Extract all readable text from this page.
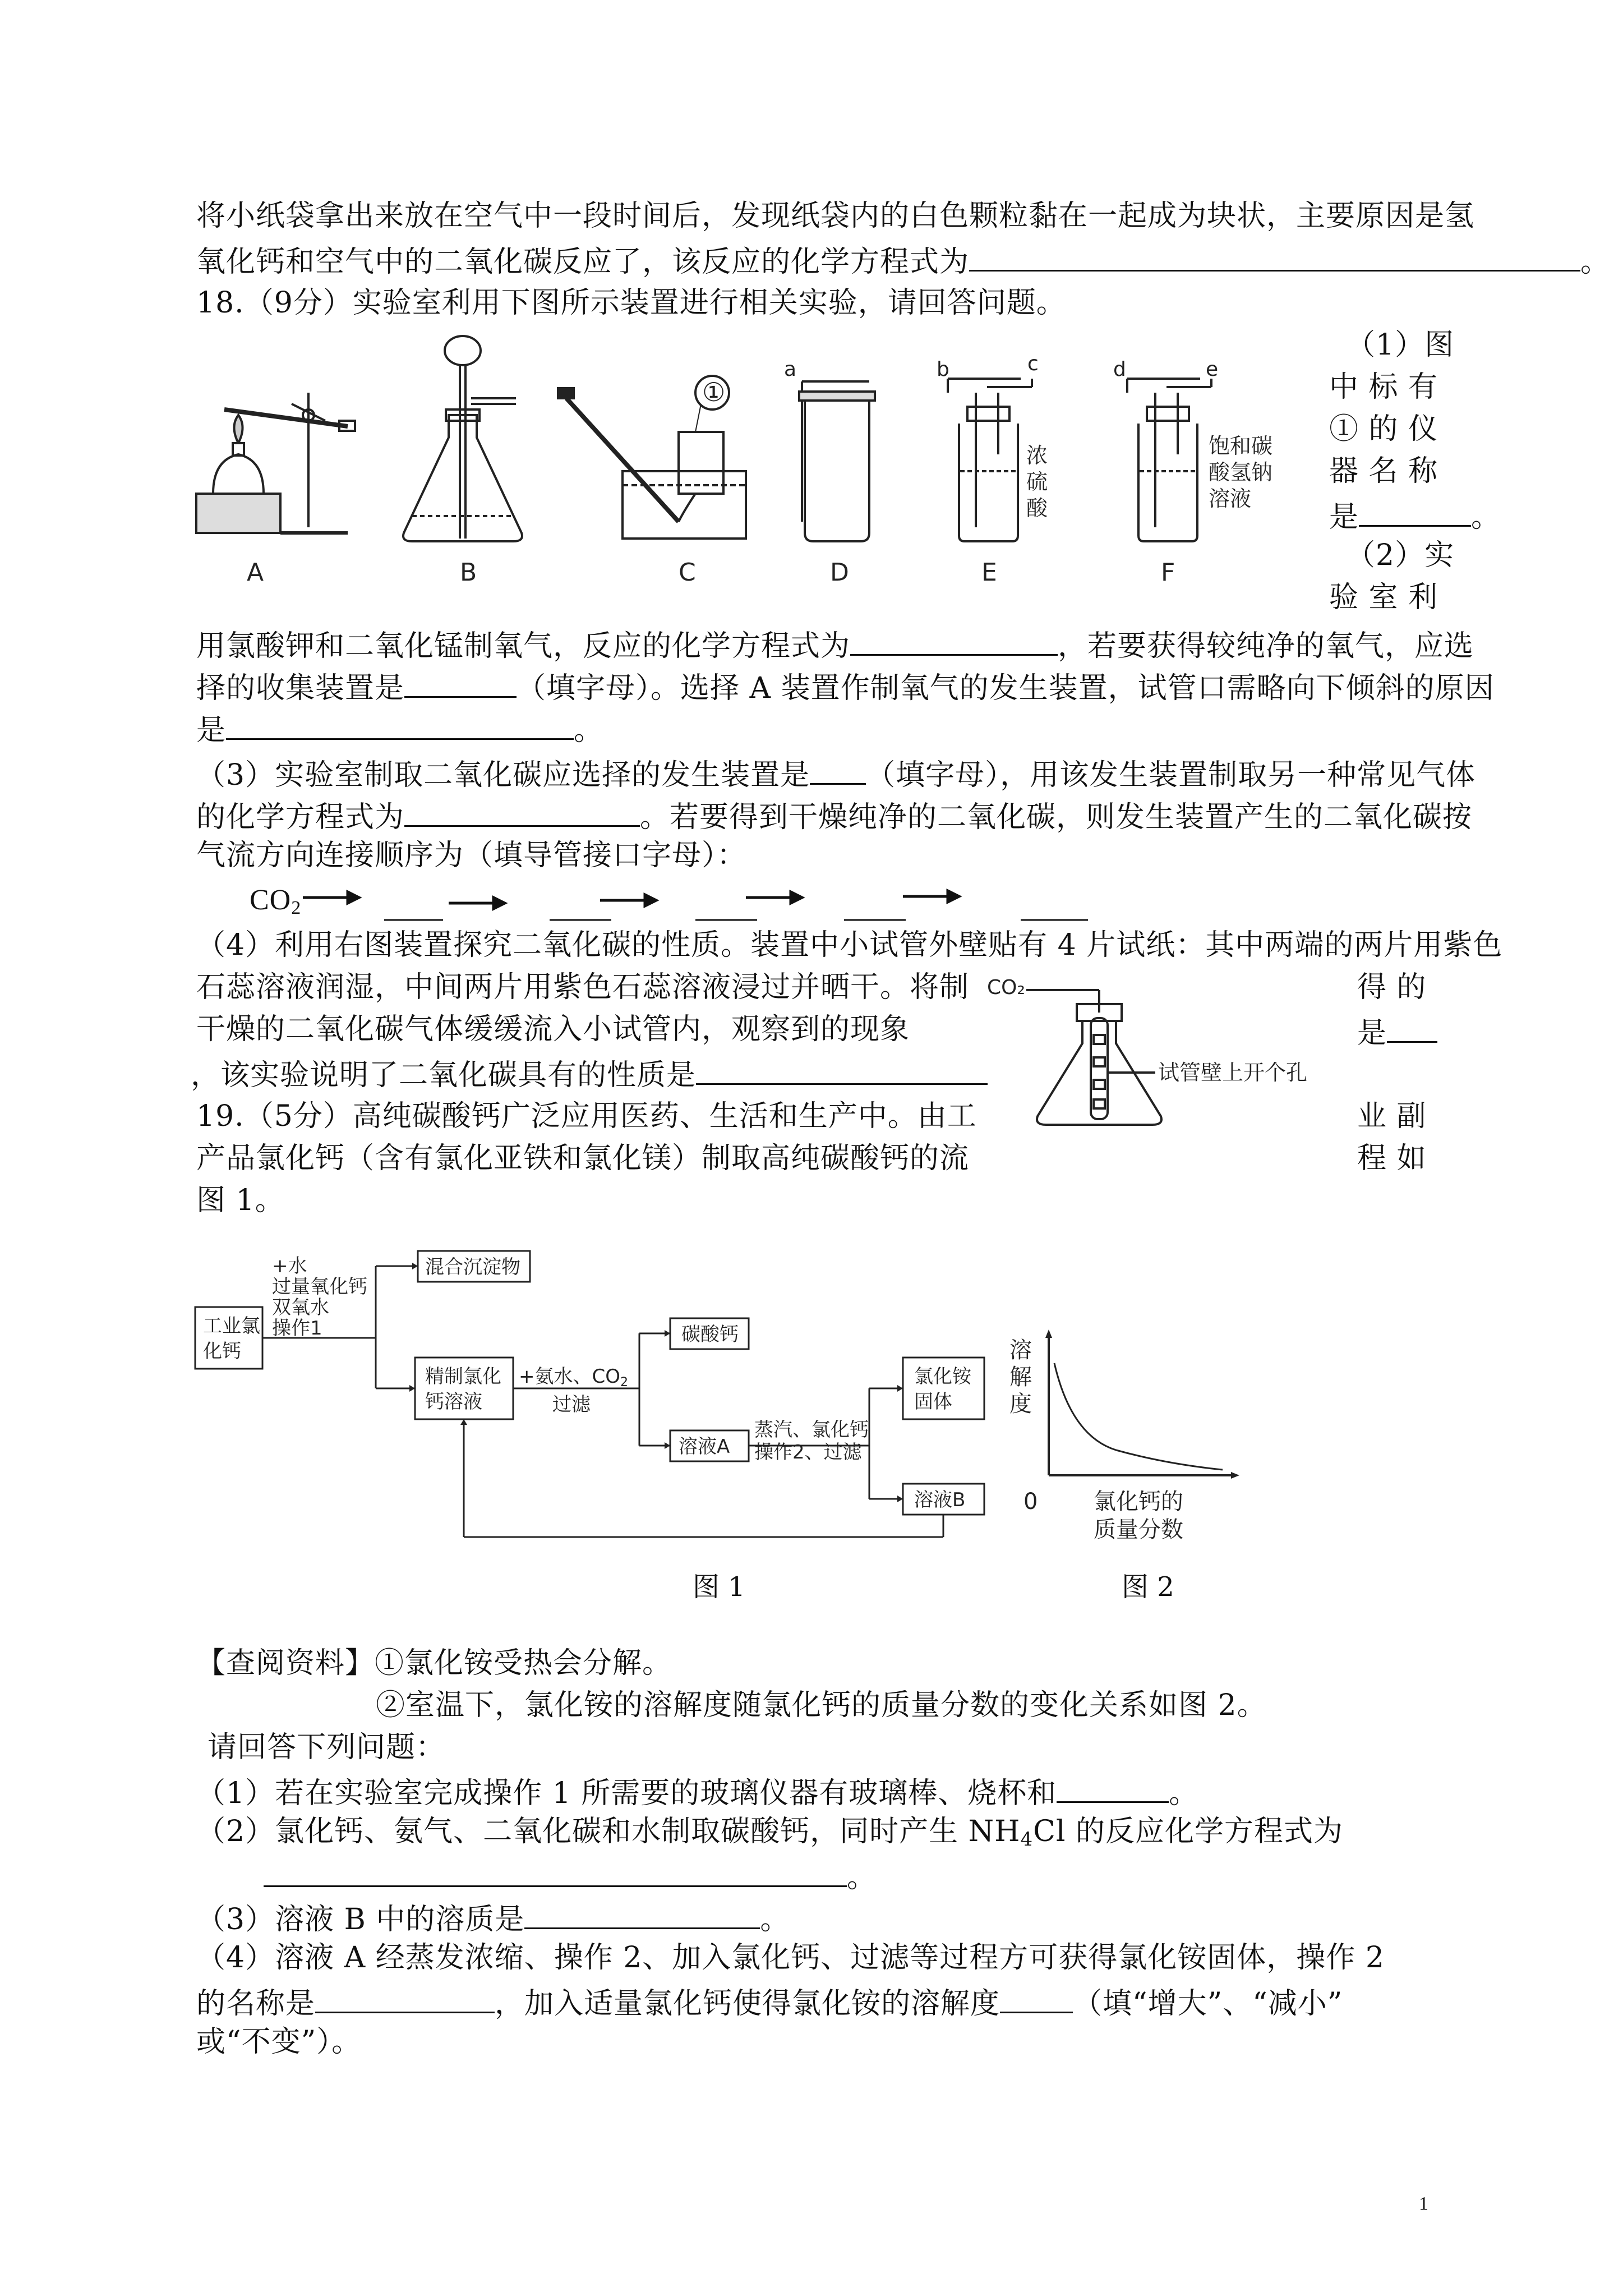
将小纸袋拿出来放在空气中一段时间后，发现纸袋内的白色颗粒黏在一起成为块状，主要原因是氢
氧化钙和空气中的二氧化碳反应了，该反应的化学方程式为	。
18.（9分）实验室利用下图所示装置进行相关实验，请回答问题。
A	B	C	D	E	F
①
a	b	c	d	e
浓
硫
酸
饱和碳
酸氢钠
溶液
（1）图
中 标 有
① 的 仪
器 名 称
是	。
（2）实
验 室 利
用氯酸钾和二氧化锰制氧气，反应的化学方程式为	，若要获得较纯净的氧气，应选
择的收集装置是	（填字母）。选择 A 装置作制氧气的发生装置，试管口需略向下倾斜的原因
是	。
（3）实验室制取二氧化碳应选择的发生装置是 （填字母），用该发生装置制取另一种常见气体
的化学方程式为	。若要得到干燥纯净的二氧化碳，则发生装置产生的二氧化碳按
气流方向连接顺序为（填导管接口字母）：
$CO_2$
（4）利用右图装置探究二氧化碳的性质。装置中小试管外壁贴有 4 片试纸：其中两端的两片用紫色
石蕊溶液润湿，中间两片用紫色石蕊溶液浸过并晒干。将制	得 的
干燥的二氧化碳气体缓缓流入小试管内，观察到的现象	是
，该实验说明了二氧化碳具有的性质是
CO₂
试管壁上开个孔
19.（5分）高纯碳酸钙广泛应用医药、生活和生产中。由工	业 副
产品氯化钙（含有氯化亚铁和氯化镁）制取高纯碳酸钙的流	程 如
图 1。
工业氯
化钙
+水
过量氧化钙
双氧水
操作1
混合沉淀物
精制氯化
钙溶液
+氨水、CO2
过滤
碳酸钙
溶液A
蒸汽、氯化钙
操作2、过滤
氯化铵
固体
溶液B
溶
解
度
0 氯化钙的
质量分数
图 1	图 2
【查阅资料】①氯化铵受热会分解。
②室温下，氯化铵的溶解度随氯化钙的质量分数的变化关系如图 2。
请回答下列问题：
（1）若在实验室完成操作 1 所需要的玻璃仪器有玻璃棒、烧杯和	。
（2）氯化钙、氨气、二氧化碳和水制取碳酸钙，同时产生 $NH_4Cl$ 的反应化学方程式为
。
（3）溶液 B 中的溶质是	。
（4）溶液 A 经蒸发浓缩、操作 2、加入氯化钙、过滤等过程方可获得氯化铵固体，操作 2
的名称是	，加入适量氯化钙使得氯化铵的溶解度	（填“增大”、“减小”
或“不变”）。
1
